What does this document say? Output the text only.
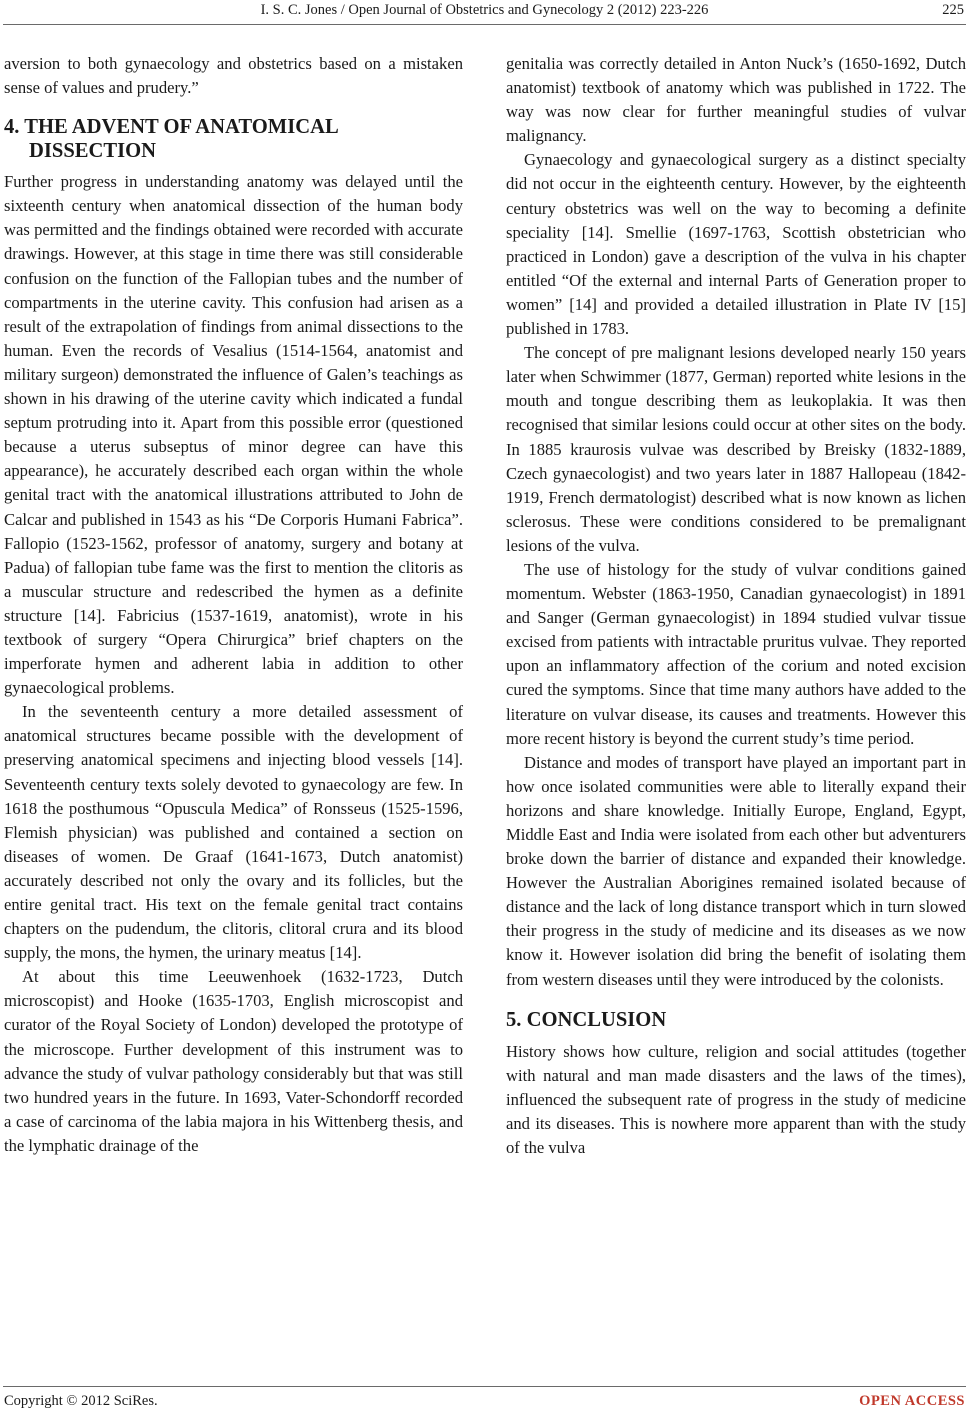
I. S. C. Jones / Open Journal of Obstetrics and Gynecology 2 (2012) 223-226	225

aversion to both gynaecology and obstetrics based on a mistaken sense of values and prudery.”

4. THE ADVENT OF ANATOMICAL DISSECTION

Further progress in understanding anatomy was delayed until the sixteenth century when anatomical dissection of the human body was permitted and the findings obtained were recorded with accurate drawings. However, at this stage in time there was still considerable confusion on the function of the Fallopian tubes and the number of compartments in the uterine cavity. This confusion had arisen as a result of the extrapolation of findings from animal dissections to the human. Even the records of Vesalius (1514-1564, anatomist and military surgeon) demonstrated the influence of Galen’s teachings as shown in his drawing of the uterine cavity which indicated a fundal septum protruding into it. Apart from this possible error (questioned because a uterus subseptus of minor degree can have this appearance), he accurately described each organ within the whole genital tract with the anatomical illustrations attributed to John de Calcar and published in 1543 as his “De Corporis Humani Fabrica”. Fallopio (1523-1562, professor of anatomy, surgery and botany at Padua) of fallopian tube fame was the first to mention the clitoris as a muscular structure and redescribed the hymen as a definite structure [14]. Fabricius (1537-1619, anatomist), wrote in his textbook of surgery “Opera Chirurgica” brief chapters on the imperforate hymen and adherent labia in addition to other gynaecological problems.

In the seventeenth century a more detailed assessment of anatomical structures became possible with the development of preserving anatomical specimens and injecting blood vessels [14]. Seventeenth century texts solely devoted to gynaecology are few. In 1618 the posthumous “Opuscula Medica” of Ronsseus (1525-1596, Flemish physician) was published and contained a section on diseases of women. De Graaf (1641-1673, Dutch anatomist) accurately described not only the ovary and its follicles, but the entire genital tract. His text on the female genital tract contains chapters on the pudendum, the clitoris, clitoral crura and its blood supply, the mons, the hymen, the urinary meatus [14].

At about this time Leeuwenhoek (1632-1723, Dutch microscopist) and Hooke (1635-1703, English microscopist and curator of the Royal Society of London) developed the prototype of the microscope. Further development of this instrument was to advance the study of vulvar pathology considerably but that was still two hundred years in the future. In 1693, Vater-Schondorff recorded a case of carcinoma of the labia majora in his Wittenberg thesis, and the lymphatic drainage of the

genitalia was correctly detailed in Anton Nuck’s (1650-1692, Dutch anatomist) textbook of anatomy which was published in 1722. The way was now clear for further meaningful studies of vulvar malignancy.

Gynaecology and gynaecological surgery as a distinct specialty did not occur in the eighteenth century. However, by the eighteenth century obstetrics was well on the way to becoming a definite speciality [14]. Smellie (1697-1763, Scottish obstetrician who practiced in London) gave a description of the vulva in his chapter entitled “Of the external and internal Parts of Generation proper to women” [14] and provided a detailed illustration in Plate IV [15] published in 1783.

The concept of pre malignant lesions developed nearly 150 years later when Schwimmer (1877, German) reported white lesions in the mouth and tongue describing them as leukoplakia. It was then recognised that similar lesions could occur at other sites on the body. In 1885 kraurosis vulvae was described by Breisky (1832-1889, Czech gynaecologist) and two years later in 1887 Hallopeau (1842-1919, French dermatologist) described what is now known as lichen sclerosus. These were conditions considered to be premalignant lesions of the vulva.

The use of histology for the study of vulvar conditions gained momentum. Webster (1863-1950, Canadian gynaecologist) in 1891 and Sanger (German gynaecologist) in 1894 studied vulvar tissue excised from patients with intractable pruritus vulvae. They reported upon an inflammatory affection of the corium and noted excision cured the symptoms. Since that time many authors have added to the literature on vulvar disease, its causes and treatments. However this more recent history is beyond the current study’s time period.

Distance and modes of transport have played an important part in how once isolated communities were able to literally expand their horizons and share knowledge. Initially Europe, England, Egypt, Middle East and India were isolated from each other but adventurers broke down the barrier of distance and expanded their knowledge. However the Australian Aborigines remained isolated because of distance and the lack of long distance transport which in turn slowed their progress in the study of medicine and its diseases as we now know it. However isolation did bring the benefit of isolating them from western diseases until they were introduced by the colonists.

5. CONCLUSION

History shows how culture, religion and social attitudes (together with natural and man made disasters and the laws of the times), influenced the subsequent rate of progress in the study of medicine and its diseases. This is nowhere more apparent than with the study of the vulva

Copyright © 2012 SciRes.	OPEN ACCESS
